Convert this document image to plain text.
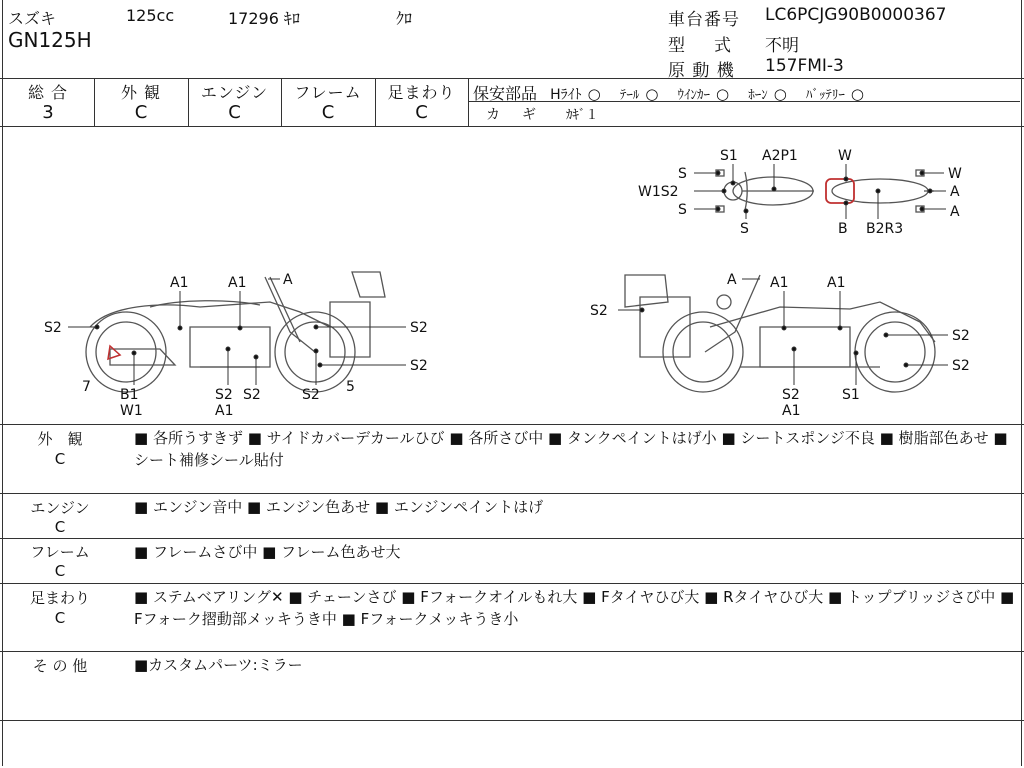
スズキ	125cc	17296 ｷﾛ	ｸﾛ
GN125H
車台番号 LC6PCJG90B0000367
型　式 不明
原 動 機 157FMI-3
総 合
3
外 観
C
エンジン
C
フレーム
C
足まわり
C
保安部品 Hﾗｲﾄ ○ ﾃｰﾙ ○ ｳｲﾝｶｰ ○ ﾎｰﾝ ○ ﾊﾞｯﾃﾘｰ ○
カ　ギ ｶｷﾞ１
S1 A2P1	W
S	W
W1S2	A
S	A
S	B B2R3
A1	A1	A
S2	S2
S2
7 B1
W1
S2
A1
S2	S2 5
A A1	A1
S2
S2
S2
S2
A1
S1
外　観
C
■ 各所うすきず ■ サイドカバーデカールひび ■ 各所さび中 ■ タンクペイントはげ小 ■ シートスポンジ不良 ■ 樹脂部色あせ ■ シート補修シール貼付
エンジン
C
■ エンジン音中 ■ エンジン色あせ ■ エンジンペイントはげ
フレーム
C
■ フレームさび中 ■ フレーム色あせ大
足まわり
C
■ ステムベアリング✕ ■ チェーンさび ■ Fフォークオイルもれ大 ■ Fタイヤひび大 ■ Rタイヤひび大 ■ トップブリッジさび中 ■ Fフォーク摺動部メッキうき中 ■ Fフォークメッキうき小
そ の 他	■カスタムパーツ:ミラー
